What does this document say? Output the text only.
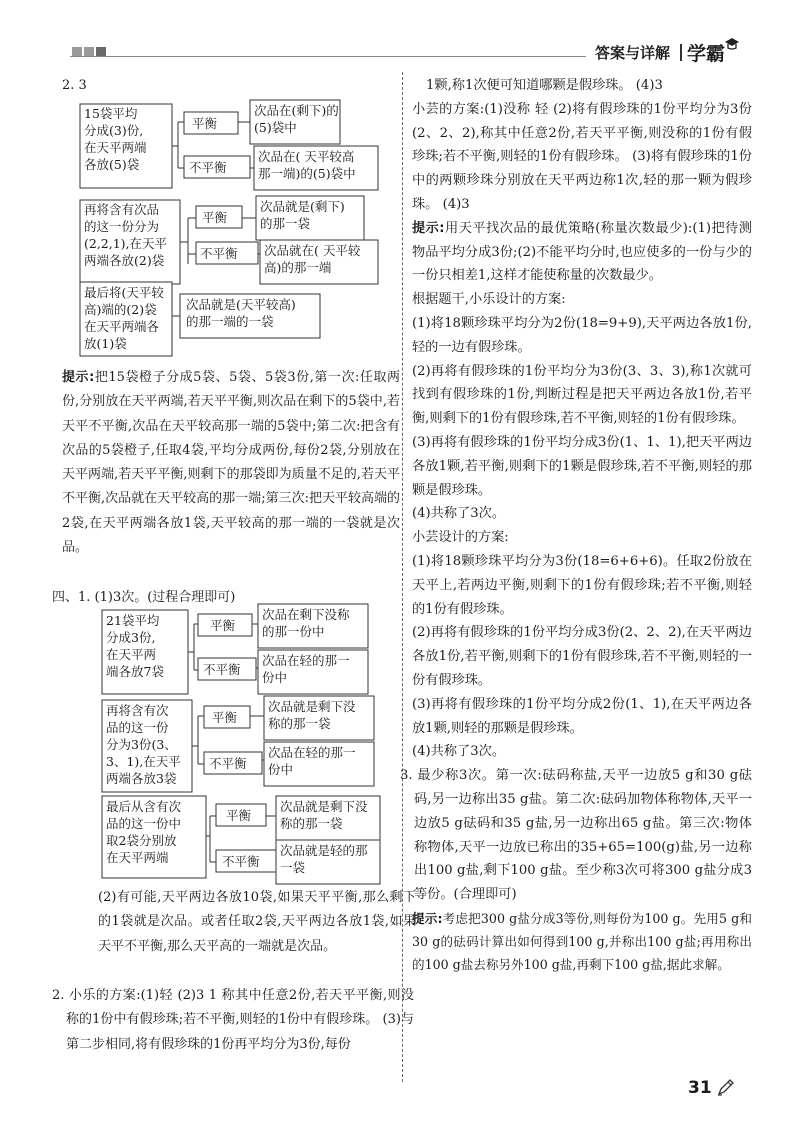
答案与详解 学霸

2. 3

15袋平均
分成(3)份,
在天平两端
各放(5)袋
平衡
次品在(剩下)的
(5)袋中
不平衡
次品在( 天平较高
那一端)的(5)袋中
再将含有次品
的这一份分为
(2,2,1),在天平
两端各放(2)袋
平衡
次品就是(剩下)
的那一袋
不平衡 次品就在( 天平较
高)的那一端
最后将(天平较
高)端的(2)袋
在天平两端各
放(1)袋
次品就是(天平较高)
的那一端的一袋

提示:把15袋橙子分成5袋、5袋、5袋3份,第一次:任取两份,分别放在天平两端,若天平平衡,则次品在剩下的5袋中,若天平不平衡,次品在天平较高那一端的5袋中;第二次:把含有次品的5袋橙子,任取4袋,平均分成两份,每份2袋,分别放在天平两端,若天平平衡,则剩下的那袋即为质量不足的,若天平不平衡,次品就在天平较高的那一端;第三次:把天平较高端的2袋,在天平两端各放1袋,天平较高的那一端的一袋就是次品。

四、1. (1)3次。(过程合理即可)

21袋平均
分成3份,
在天平两
端各放7袋
平衡
次品在剩下没称
的那一份中
不平衡
次品在轻的那一
份中
再将含有次
品的这一份
分为3份(3、
3、1),在天平
两端各放3袋
平衡
次品就是剩下没
称的那一袋
不平衡
次品在轻的那一
份中
最后从含有次
品的这一份中
取2袋分别放
在天平两端
平衡
次品就是剩下没
称的那一袋
不平衡
次品就是轻的那
一袋

(2)有可能,天平两边各放10袋,如果天平平衡,那么剩下的1袋就是次品。或者任取2袋,天平两边各放1袋,如果天平不平衡,那么天平高的一端就是次品。

2. 小乐的方案:(1)轻 (2)3 1 称其中任意2份,若天平平衡,则没称的1份中有假珍珠;若不平衡,则轻的1份中有假珍珠。 (3)与第二步相同,将有假珍珠的1份再平均分为3份,每份

1颗,称1次便可知道哪颗是假珍珠。 (4)3

小芸的方案:(1)没称 轻 (2)将有假珍珠的1份平均分为3份(2、2、2),称其中任意2份,若天平平衡,则没称的1份有假珍珠;若不平衡,则轻的1份有假珍珠。 (3)将有假珍珠的1份中的两颗珍珠分别放在天平两边称1次,轻的那一颗为假珍珠。 (4)3

提示:用天平找次品的最优策略(称量次数最少):(1)把待测物品平均分成3份;(2)不能平均分时,也应使多的一份与少的一份只相差1,这样才能使称量的次数最少。

根据题干,小乐设计的方案:

(1)将18颗珍珠平均分为2份(18=9+9),天平两边各放1份,轻的一边有假珍珠。

(2)再将有假珍珠的1份平均分为3份(3、3、3),称1次就可找到有假珍珠的1份,判断过程是把天平两边各放1份,若平衡,则剩下的1份有假珍珠,若不平衡,则轻的1份有假珍珠。

(3)再将有假珍珠的1份平均分成3份(1、1、1),把天平两边各放1颗,若平衡,则剩下的1颗是假珍珠,若不平衡,则轻的那颗是假珍珠。

(4)共称了3次。

小芸设计的方案:

(1)将18颗珍珠平均分为3份(18=6+6+6)。任取2份放在天平上,若两边平衡,则剩下的1份有假珍珠;若不平衡,则轻的1份有假珍珠。

(2)再将有假珍珠的1份平均分成3份(2、2、2),在天平两边各放1份,若平衡,则剩下的1份有假珍珠,若不平衡,则轻的一份有假珍珠。

(3)再将有假珍珠的1份平均分成2份(1、1),在天平两边各放1颗,则轻的那颗是假珍珠。

(4)共称了3次。

3. 最少称3次。第一次:砝码称盐,天平一边放5 g和30 g砝码,另一边称出35 g盐。第二次:砝码加物体称物体,天平一边放5 g砝码和35 g盐,另一边称出65 g盐。第三次:物体称物体,天平一边放已称出的35+65=100(g)盐,另一边称出100 g盐,剩下100 g盐。至少称3次可将300 g盐分成3等份。(合理即可)

提示:考虑把300 g盐分成3等份,则每份为100 g。先用5 g和30 g的砝码计算出如何得到100 g,并称出100 g盐;再用称出的100 g盐去称另外100 g盐,再剩下100 g盐,据此求解。

31
